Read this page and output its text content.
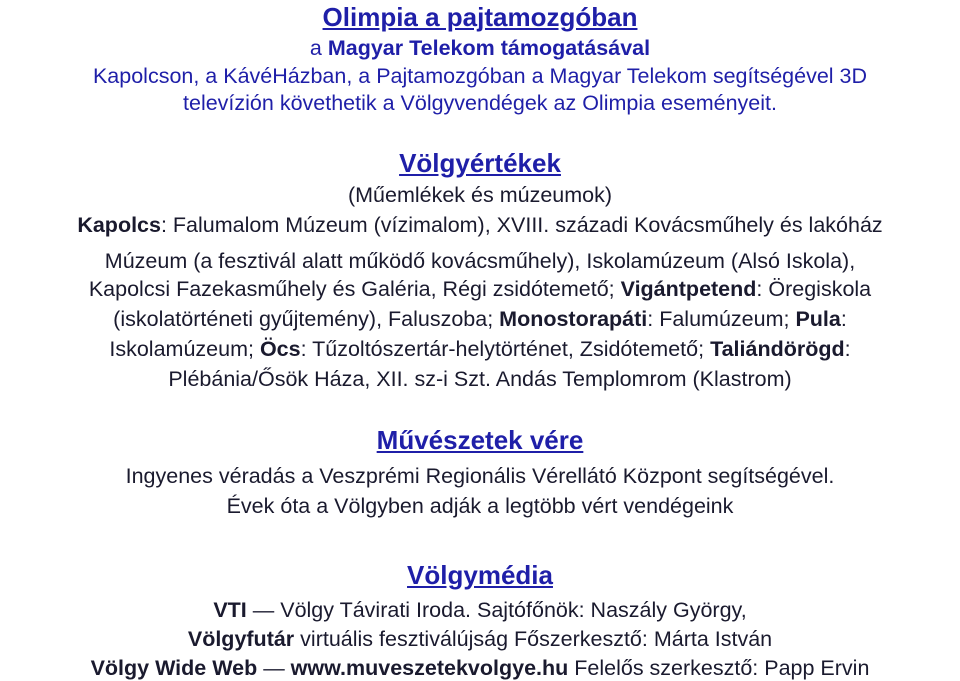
Olimpia a pajtamozgóban
a Magyar Telekom támogatásával
Kapolcson, a KávéHázban, a Pajtamozgóban a Magyar Telekom segítségével 3D
televízión követhetik a Völgyvendégek az Olimpia eseményeit.
Völgyértékek
(Műemlékek és múzeumok)
Kapolcs: Falumalom Múzeum (vízimalom), XVIII. századi Kovácsműhely és lakóház
Múzeum (a fesztivál alatt működő kovácsműhely), Iskolamúzeum (Alsó Iskola),
Kapolcsi Fazekasműhely és Galéria, Régi zsidótemető; Vigántpetend: Öregiskola
(iskolatörténeti gyűjtemény), Faluszoba; Monostorapáti: Falumúzeum; Pula:
Iskolamúzeum; Öcs: Tűzoltószertár-helytörténet, Zsidótemető; Taliándörögd:
Plébánia/Ősök Háza, XII. sz-i Szt. Andás Templomrom (Klastrom)
Művészetek vére
Ingyenes véradás a Veszprémi Regionális Vérellátó Központ segítségével.
Évek óta a Völgyben adják a legtöbb vért vendégeink
Völgymédia
VTI — Völgy Távirati Iroda. Sajtófőnök: Naszály György,
Völgyfutár virtuális fesztiválújság Főszerkesztő: Márta István
Völgy Wide Web — www.muveszetekvolgye.hu Felelős szerkesztő: Papp Ervin
